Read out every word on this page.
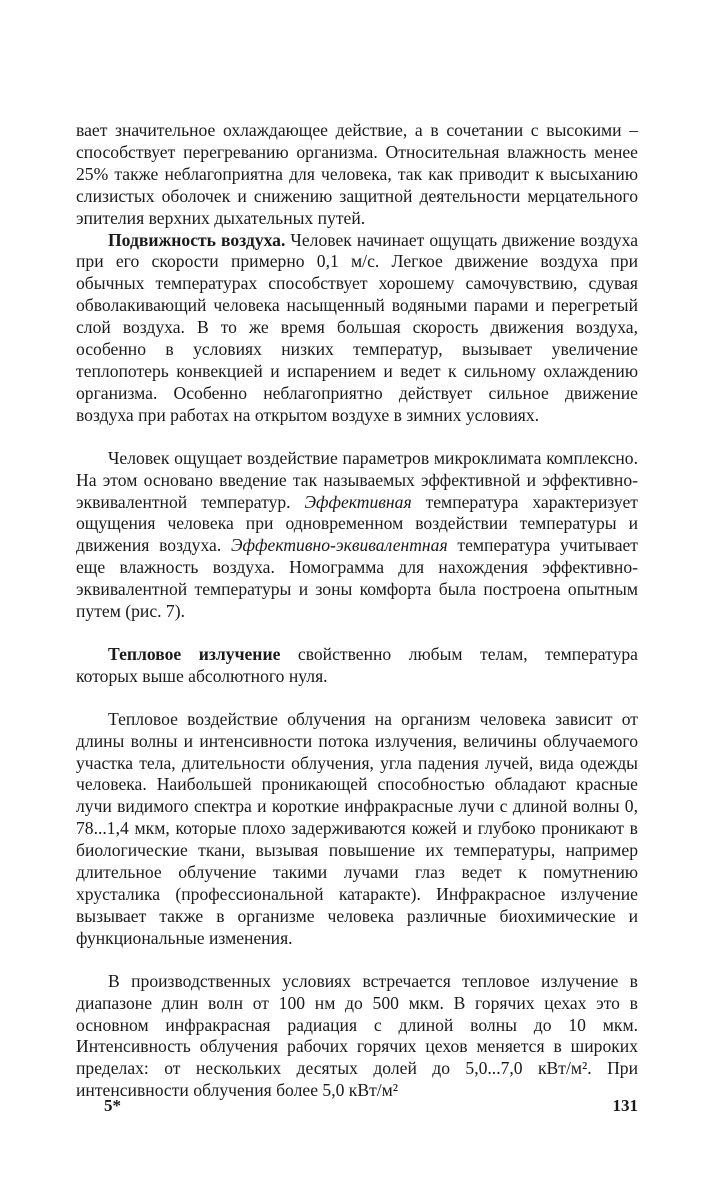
вает значительное охлаждающее действие, а в сочетании с высокими – способствует перегреванию организма. Относительная влажность менее 25% также неблагоприятна для человека, так как приводит к высыханию слизистых оболочек и снижению защитной деятельности мерцательного эпителия верхних дыхательных путей.

Подвижность воздуха. Человек начинает ощущать движение воздуха при его скорости примерно 0,1 м/с. Легкое движение воздуха при обычных температурах способствует хорошему самочувствию, сдувая обволакивающий человека насыщенный водяными парами и перегретый слой воздуха. В то же время большая скорость движения воздуха, особенно в условиях низких температур, вызывает увеличение теплопотерь конвекцией и испарением и ведет к сильному охлаждению организма. Особенно неблагоприятно действует сильное движение воздуха при работах на открытом воздухе в зимних условиях.

Человек ощущает воздействие параметров микроклимата комплексно. На этом основано введение так называемых эффективной и эффективно-эквивалентной температур. Эффективная температура характеризует ощущения человека при одновременном воздействии температуры и движения воздуха. Эффективно-эквивалентная температура учитывает еще влажность воздуха. Номограмма для нахождения эффективно-эквивалентной температуры и зоны комфорта была построена опытным путем (рис. 7).

Тепловое излучение свойственно любым телам, температура которых выше абсолютного нуля.

Тепловое воздействие облучения на организм человека зависит от длины волны и интенсивности потока излучения, величины облучаемого участка тела, длительности облучения, угла падения лучей, вида одежды человека. Наибольшей проникающей способностью обладают красные лучи видимого спектра и короткие инфракрасные лучи с длиной волны 0, 78...1,4 мкм, которые плохо задерживаются кожей и глубоко проникают в биологические ткани, вызывая повышение их температуры, например длительное облучение такими лучами глаз ведет к помутнению хрусталика (профессиональной катаракте). Инфракрасное излучение вызывает также в организме человека различные биохимические и функциональные изменения.

В производственных условиях встречается тепловое излучение в диапазоне длин волн от 100 нм до 500 мкм. В горячих цехах это в основном инфракрасная радиация с длиной волны до 10 мкм. Интенсивность облучения рабочих горячих цехов меняется в широких пределах: от нескольких десятых долей до 5,0...7,0 кВт/м². При интенсивности облучения более 5,0 кВт/м²

5*	131
